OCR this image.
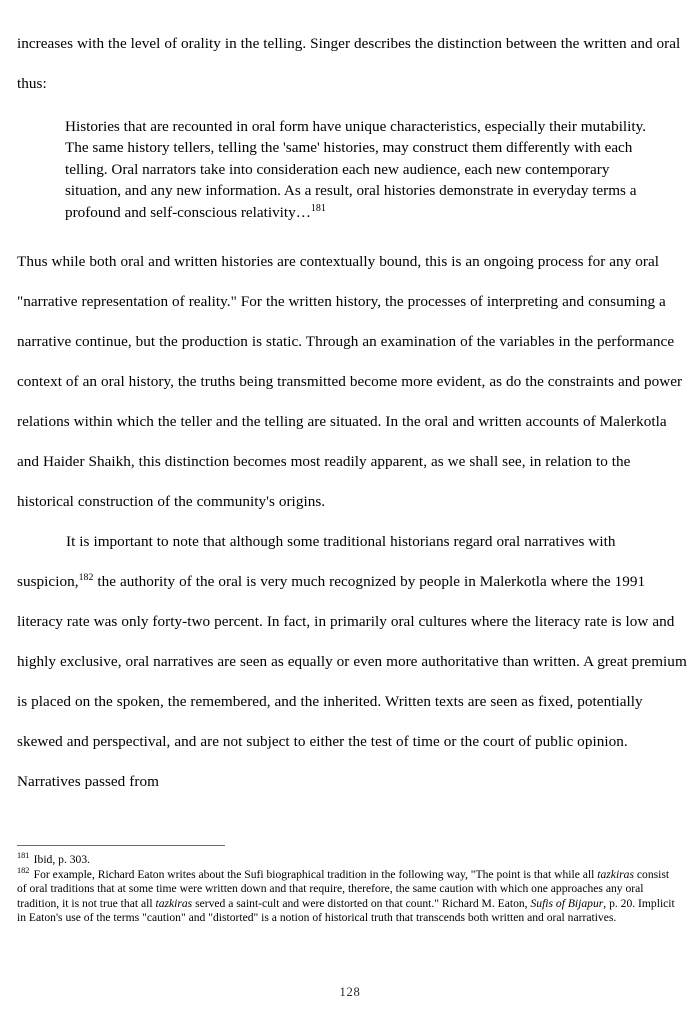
increases with the level of orality in the telling. Singer describes the distinction between the written and oral thus:

Histories that are recounted in oral form have unique characteristics, especially their mutability. The same history tellers, telling the 'same' histories, may construct them differently with each telling. Oral narrators take into consideration each new audience, each new contemporary situation, and any new information. As a result, oral histories demonstrate in everyday terms a profound and self-conscious relativity…$^{181}$

Thus while both oral and written histories are contextually bound, this is an ongoing process for any oral "narrative representation of reality." For the written history, the processes of interpreting and consuming a narrative continue, but the production is static. Through an examination of the variables in the performance context of an oral history, the truths being transmitted become more evident, as do the constraints and power relations within which the teller and the telling are situated. In the oral and written accounts of Malerkotla and Haider Shaikh, this distinction becomes most readily apparent, as we shall see, in relation to the historical construction of the community's origins.

It is important to note that although some traditional historians regard oral narratives with suspicion,$^{182}$ the authority of the oral is very much recognized by people in Malerkotla where the 1991 literacy rate was only forty-two percent. In fact, in primarily oral cultures where the literacy rate is low and highly exclusive, oral narratives are seen as equally or even more authoritative than written. A great premium is placed on the spoken, the remembered, and the inherited. Written texts are seen as fixed, potentially skewed and perspectival, and are not subject to either the test of time or the court of public opinion. Narratives passed from

$^{181}$ Ibid, p. 303.
$^{182}$ For example, Richard Eaton writes about the Sufi biographical tradition in the following way, "The point is that while all tazkiras consist of oral traditions that at some time were written down and that require, therefore, the same caution with which one approaches any oral tradition, it is not true that all tazkiras served a saint-cult and were distorted on that count." Richard M. Eaton, Sufis of Bijapur, p. 20. Implicit in Eaton's use of the terms "caution" and "distorted" is a notion of historical truth that transcends both written and oral narratives.
128
